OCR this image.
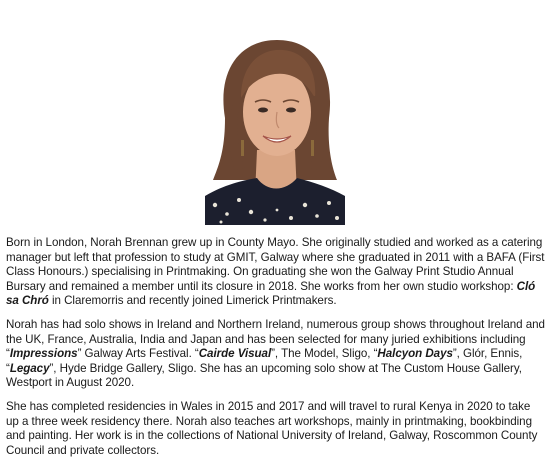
Born in London, Norah Brennan grew up in County Mayo. She originally studied and worked as a catering manager but left that profession to study at GMIT, Galway where she graduated in 2011 with a BAFA (First Class Honours.) specialising in Printmaking. On graduating she won the Galway Print Studio Annual Bursary and remained a member until its closure in 2018. She works from her own studio workshop: Cló sa Chró in Claremorris and recently joined Limerick Printmakers.

Norah has had solo shows in Ireland and Northern Ireland, numerous group shows throughout Ireland and the UK, France, Australia, India and Japan and has been selected for many juried exhibitions including “Impressions” Galway Arts Festival. “Cairde Visual”, The Model, Sligo, “Halcyon Days”, Glór, Ennis, “Legacy”, Hyde Bridge Gallery, Sligo. She has an upcoming solo show at The Custom House Gallery, Westport in August 2020.

She has completed residencies in Wales in 2015 and 2017 and will travel to rural Kenya in 2020 to take up a three week residency there. Norah also teaches art workshops, mainly in printmaking, bookbinding and painting. Her work is in the collections of National University of Ireland, Galway, Roscommon County Council and private collectors.
